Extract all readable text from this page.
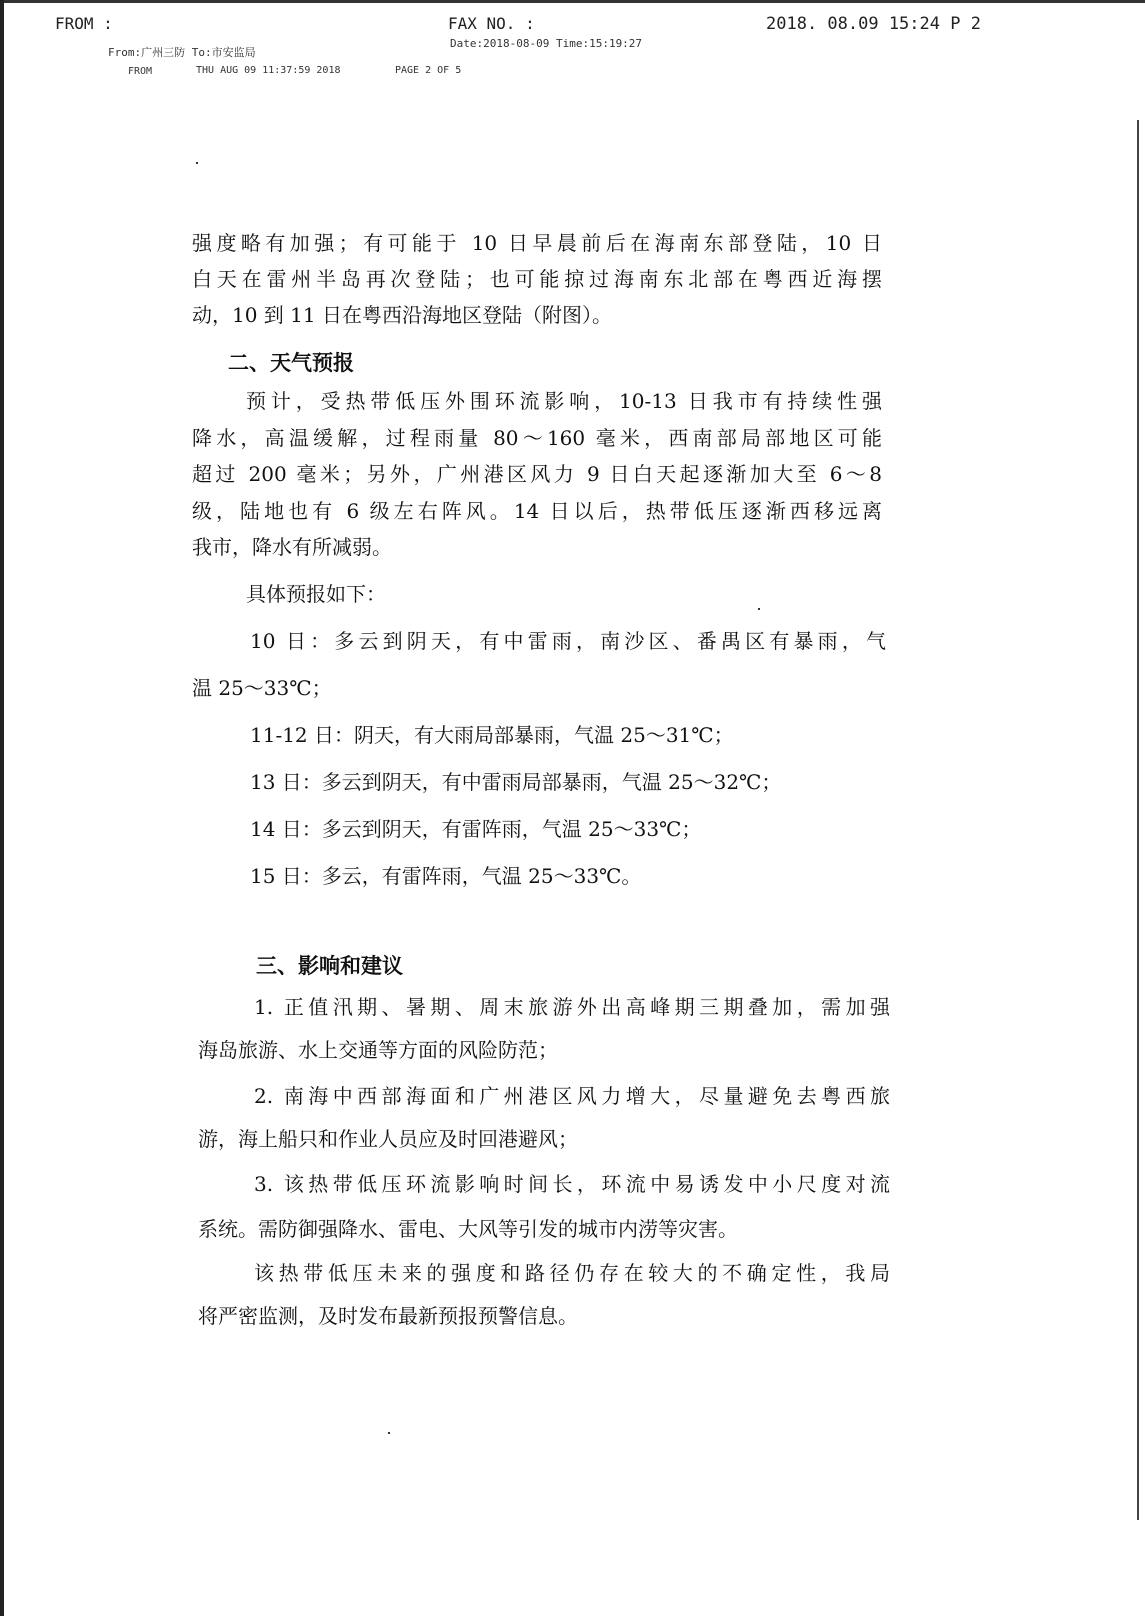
FROM :	FAX NO. :	2018. 08.09 15:24 P 2
From:广州三防 To:市安监局
Date:2018-08-09 Time:15:19:27
FROM	THU AUG 09 11:37:59 2018	PAGE 2 OF 5
强度略有加强；有可能于 10 日早晨前后在海南东部登陆，10 日
白天在雷州半岛再次登陆；也可能掠过海南东北部在粤西近海摆
动，10 到 11 日在粤西沿海地区登陆（附图）。
二、天气预报
预计，受热带低压外围环流影响，10-13 日我市有持续性强
降水，高温缓解，过程雨量 80～160 毫米，西南部局部地区可能
超过 200 毫米；另外，广州港区风力 9 日白天起逐渐加大至 6～8
级，陆地也有 6 级左右阵风。14 日以后，热带低压逐渐西移远离
我市，降水有所减弱。
具体预报如下：
10 日：多云到阴天，有中雷雨，南沙区、番禺区有暴雨，气
温 25～33℃；
11-12 日：阴天，有大雨局部暴雨，气温 25～31℃；
13 日：多云到阴天，有中雷雨局部暴雨，气温 25～32℃；
14 日：多云到阴天，有雷阵雨，气温 25～33℃；
15 日：多云，有雷阵雨，气温 25～33℃。
三、影响和建议
1. 正值汛期、暑期、周末旅游外出高峰期三期叠加，需加强
海岛旅游、水上交通等方面的风险防范；
2. 南海中西部海面和广州港区风力增大，尽量避免去粤西旅
游，海上船只和作业人员应及时回港避风；
3. 该热带低压环流影响时间长，环流中易诱发中小尺度对流
系统。需防御强降水、雷电、大风等引发的城市内涝等灾害。
该热带低压未来的强度和路径仍存在较大的不确定性，我局
将严密监测，及时发布最新预报预警信息。
